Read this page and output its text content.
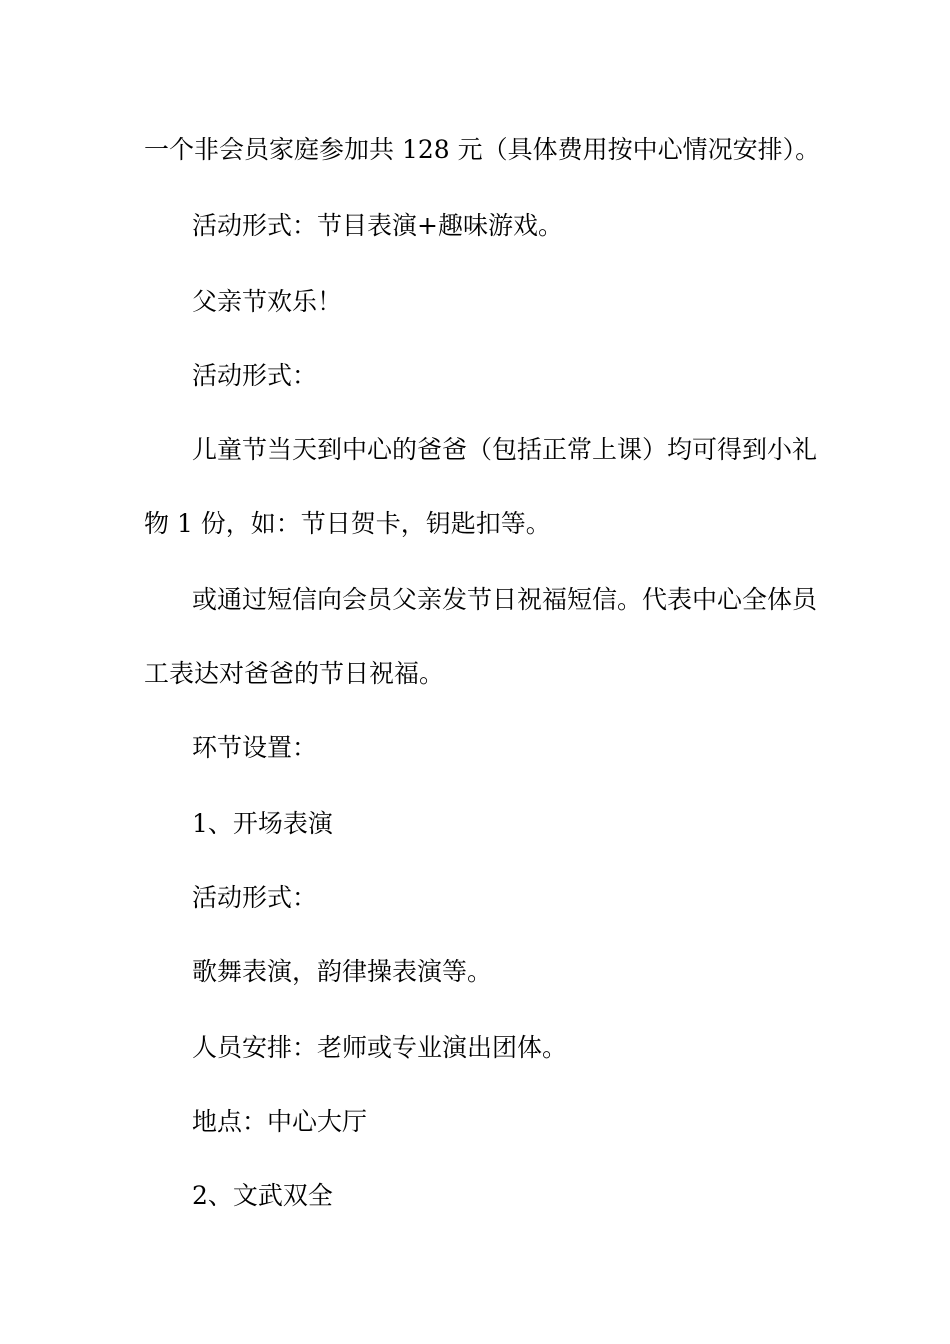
一个非会员家庭参加共 128 元（具体费用按中心情况安排）。
活动形式：节目表演+趣味游戏。
父亲节欢乐！
活动形式：
儿童节当天到中心的爸爸（包括正常上课）均可得到小礼
物 1 份，如：节日贺卡，钥匙扣等。
或通过短信向会员父亲发节日祝福短信。代表中心全体员
工表达对爸爸的节日祝福。
环节设置：
1、开场表演
活动形式：
歌舞表演，韵律操表演等。
人员安排：老师或专业演出团体。
地点：中心大厅
2、文武双全
